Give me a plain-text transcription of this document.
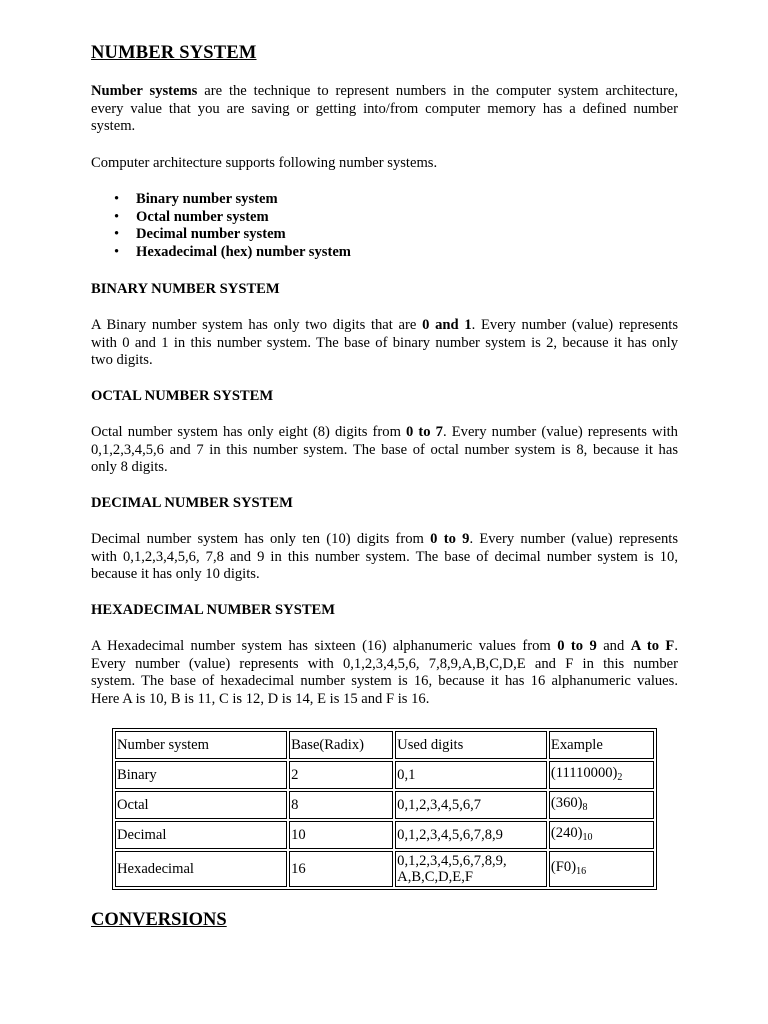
NUMBER SYSTEM
Number systems are the technique to represent numbers in the computer system architecture,
every value that you are saving or getting into/from computer memory has a defined number
system.
Computer architecture supports following number systems.
• Binary number system
• Octal number system
• Decimal number system
• Hexadecimal (hex) number system
BINARY NUMBER SYSTEM
A Binary number system has only two digits that are 0 and 1. Every number (value) represents
with 0 and 1 in this number system. The base of binary number system is 2, because it has only
two digits.
OCTAL NUMBER SYSTEM
Octal number system has only eight (8) digits from 0 to 7. Every number (value) represents with
0,1,2,3,4,5,6 and 7 in this number system. The base of octal number system is 8, because it has
only 8 digits.
DECIMAL NUMBER SYSTEM
Decimal number system has only ten (10) digits from 0 to 9. Every number (value) represents
with 0,1,2,3,4,5,6, 7,8 and 9 in this number system. The base of decimal number system is 10,
because it has only 10 digits.
HEXADECIMAL NUMBER SYSTEM
A Hexadecimal number system has sixteen (16) alphanumeric values from 0 to 9 and A to F.
Every number (value) represents with 0,1,2,3,4,5,6, 7,8,9,A,B,C,D,E and F in this number
system. The base of hexadecimal number system is 16, because it has 16 alphanumeric values.
Here A is 10, B is 11, C is 12, D is 14, E is 15 and F is 16.
Number system	Base(Radix)	Used digits	Example
Binary	2	0,1	$(11110000)_2$
Octal	8	0,1,2,3,4,5,6,7	$(360)_8$
Decimal	10	0,1,2,3,4,5,6,7,8,9	$(240)_{10}$
Hexadecimal	16	0,1,2,3,4,5,6,7,8,9,
A,B,C,D,E,F	$(F0)_{16}$
CONVERSIONS
